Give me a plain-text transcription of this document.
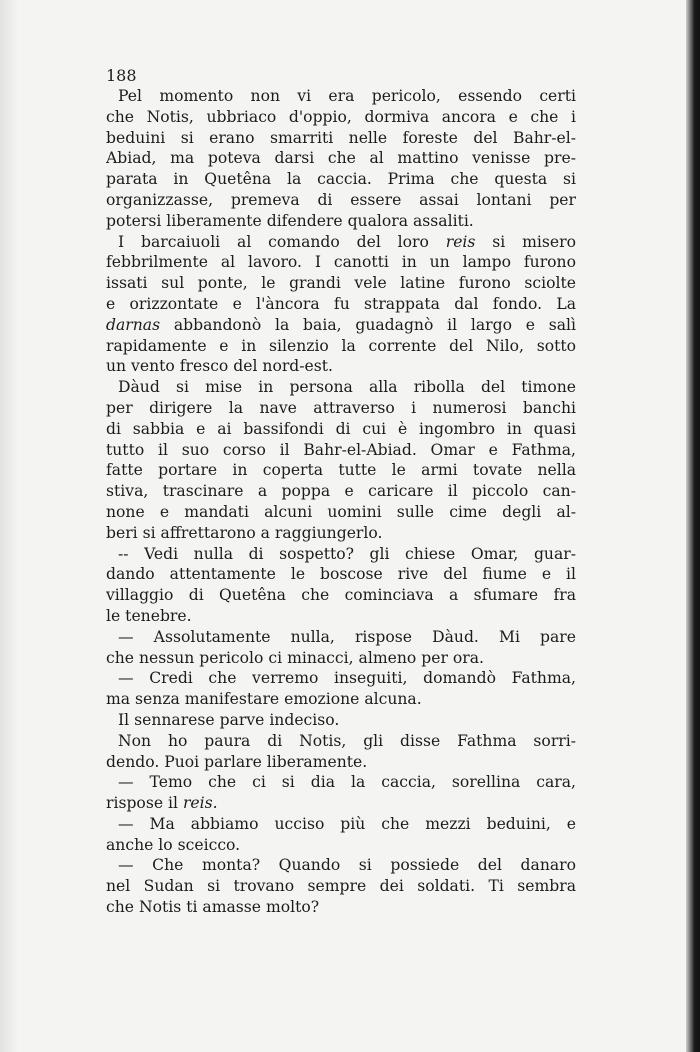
188

Pel momento non vi era pericolo, essendo certi
che Notis, ubbriaco d'oppio, dormiva ancora e che i
beduini si erano smarriti nelle foreste del Bahr-el-
Abiad, ma poteva darsi che al mattino venisse pre-
parata in Quetêna la caccia. Prima che questa si
organizzasse, premeva di essere assai lontani per
potersi liberamente difendere qualora assaliti.

I barcaiuoli al comando del loro reis si misero
febbrilmente al lavoro. I canotti in un lampo furono
issati sul ponte, le grandi vele latine furono sciolte
e orizzontate e l'àncora fu strappata dal fondo. La
darnas abbandonò la baia, guadagnò il largo e salì
rapidamente e in silenzio la corrente del Nilo, sotto
un vento fresco del nord-est.

Dàud si mise in persona alla ribolla del timone
per dirigere la nave attraverso i numerosi banchi
di sabbia e ai bassifondi di cui è ingombro in quasi
tutto il suo corso il Bahr-el-Abiad. Omar e Fathma,
fatte portare in coperta tutte le armi tovate nella
stiva, trascinare a poppa e caricare il piccolo can-
none e mandati alcuni uomini sulle cime degli al-
beri si affrettarono a raggiungerlo.

-- Vedi nulla di sospetto? gli chiese Omar, guar-
dando attentamente le boscose rive del fiume e il
villaggio di Quetêna che cominciava a sfumare fra
le tenebre.

— Assolutamente nulla, rispose Dàud. Mi pare
che nessun pericolo ci minacci, almeno per ora.

— Credi che verremo inseguiti, domandò Fathma,
ma senza manifestare emozione alcuna.

Il sennarese parve indeciso.

Non ho paura di Notis, gli disse Fathma sorri-
dendo. Puoi parlare liberamente.

— Temo che ci si dia la caccia, sorellina cara,
rispose il reis.

— Ma abbiamo ucciso più che mezzi beduini, e
anche lo sceicco.

— Che monta? Quando si possiede del danaro
nel Sudan si trovano sempre dei soldati. Ti sembra
che Notis ti amasse molto?
